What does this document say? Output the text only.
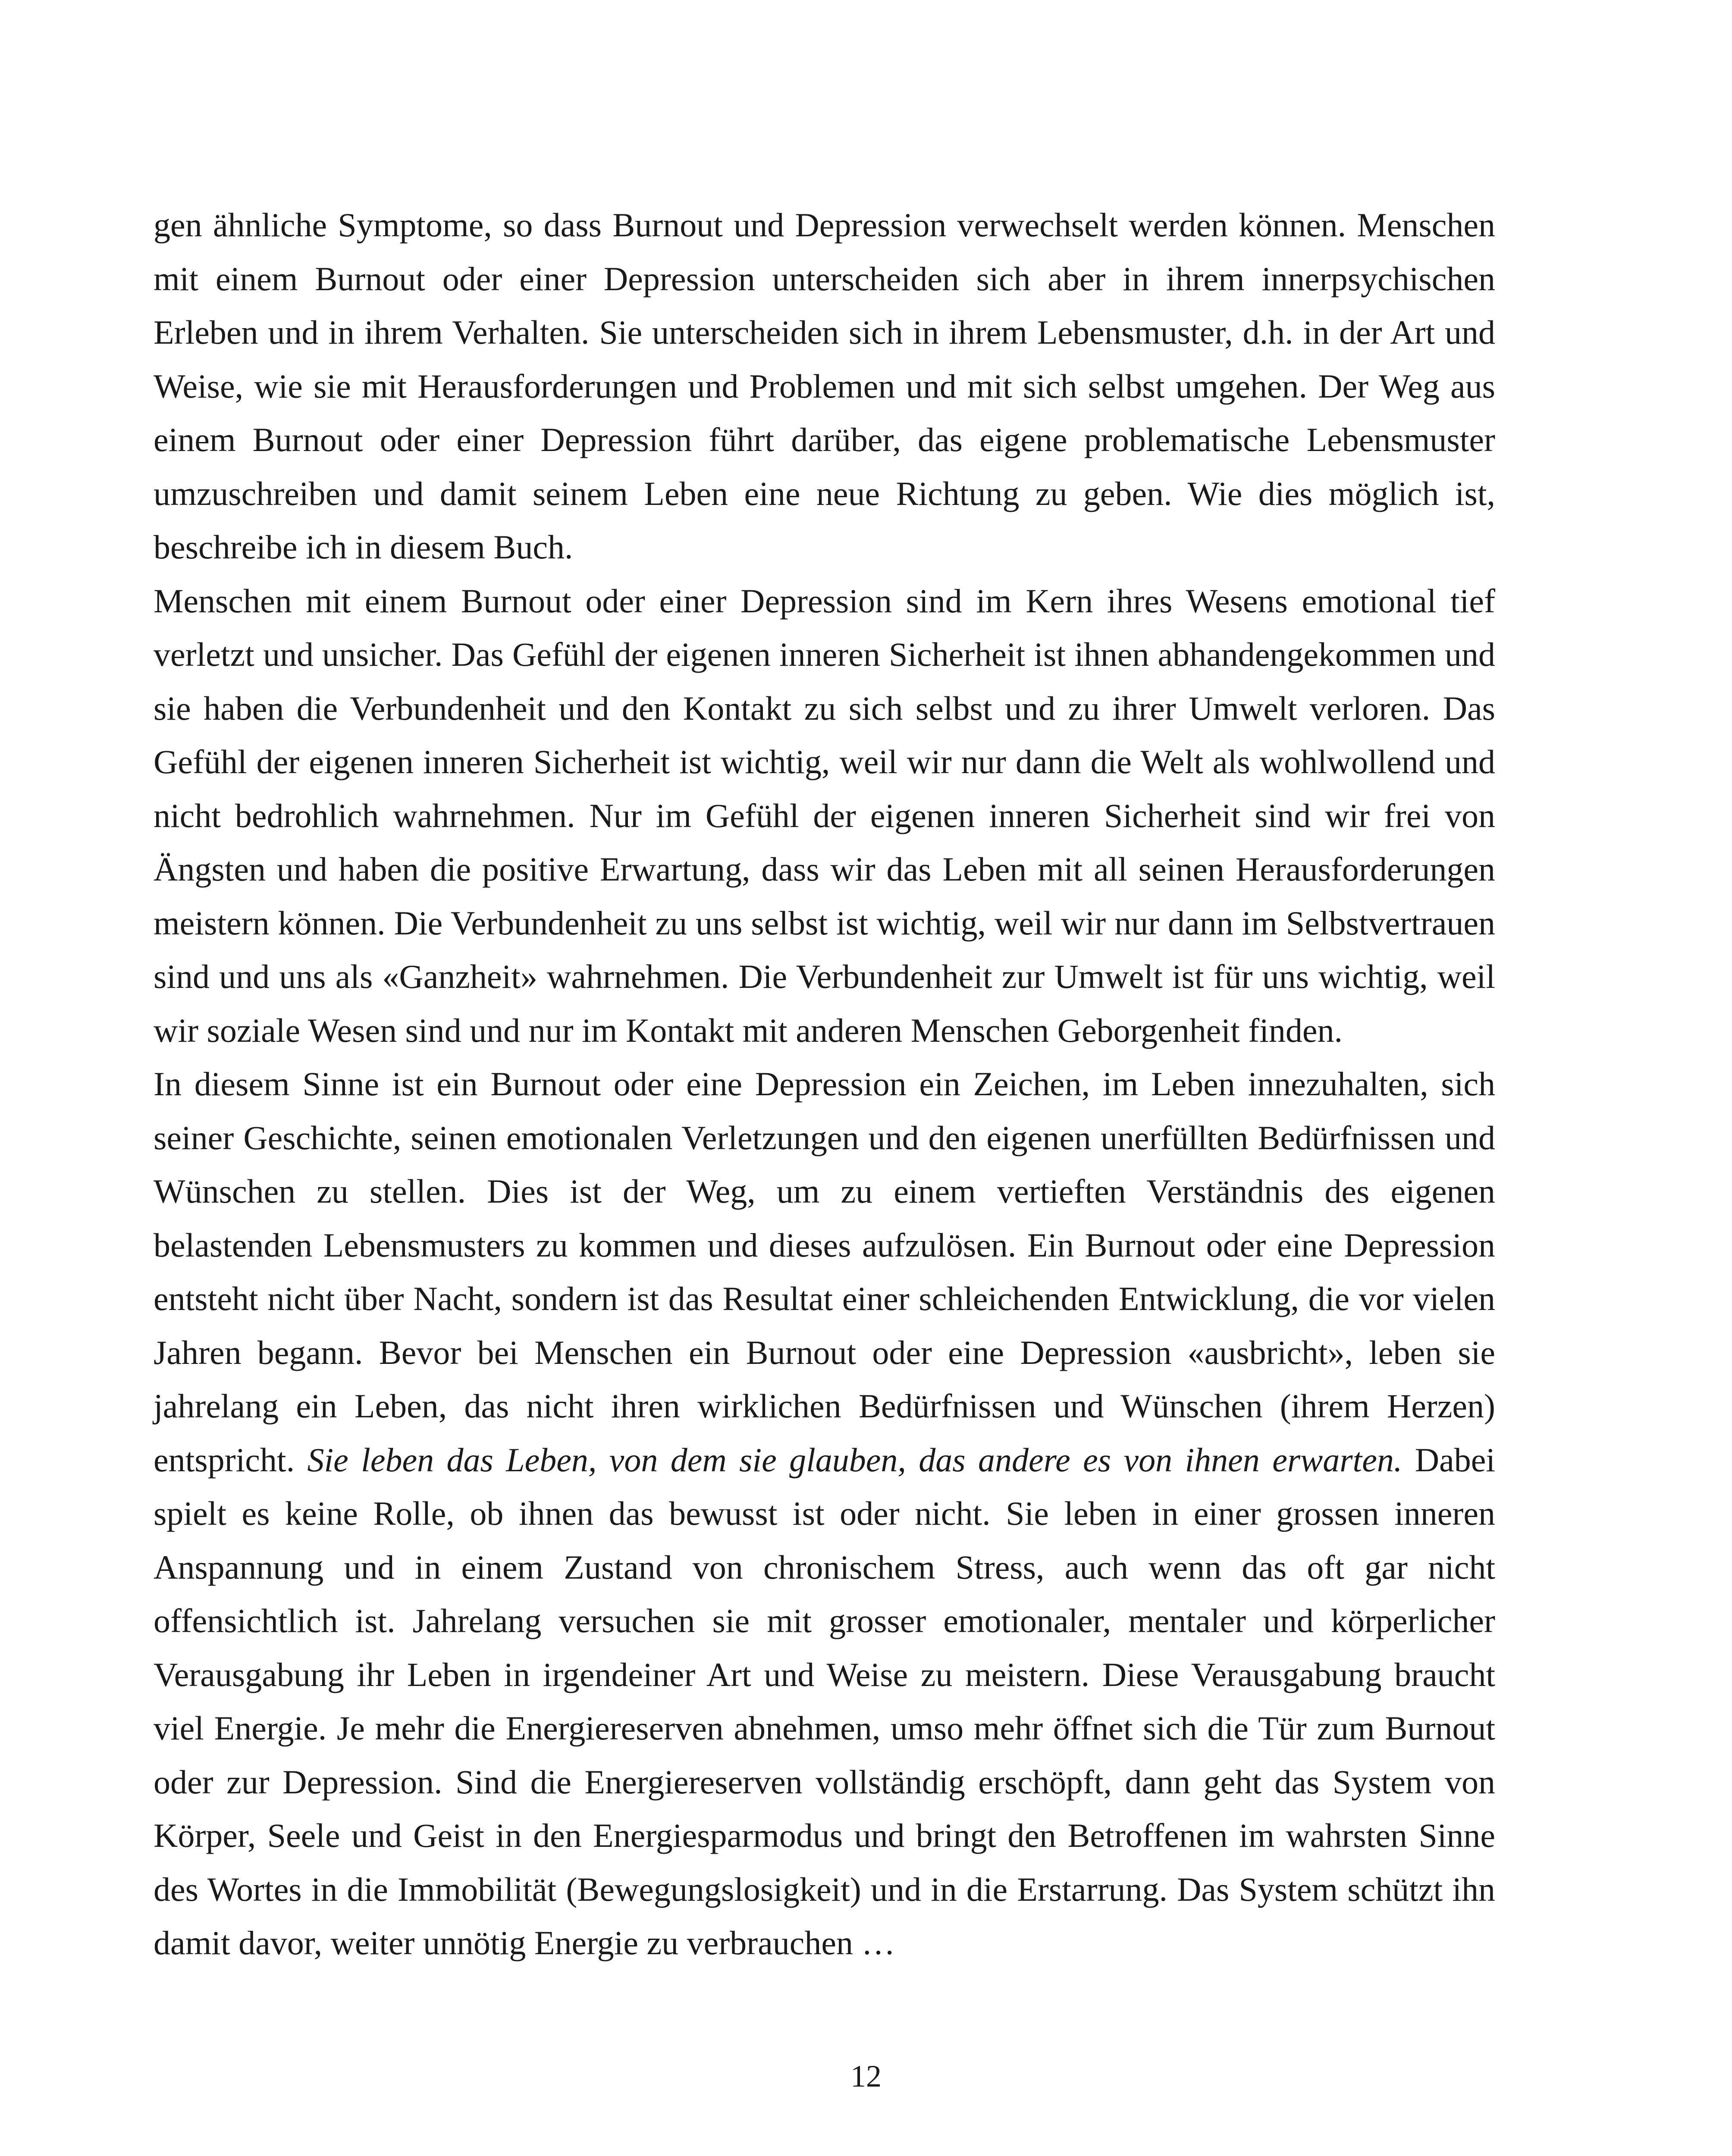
gen ähnliche Symptome, so dass Burnout und Depression verwechselt werden können. Menschen mit einem Burnout oder einer Depression unterscheiden sich aber in ihrem innerpsychischen Erleben und in ihrem Verhalten. Sie unterscheiden sich in ihrem Lebensmuster, d.h. in der Art und Weise, wie sie mit Herausforderungen und Problemen und mit sich selbst umgehen. Der Weg aus einem Burnout oder einer Depression führt darüber, das eigene problematische Lebensmuster umzuschreiben und damit seinem Leben eine neue Richtung zu geben. Wie dies möglich ist, beschreibe ich in diesem Buch.

Menschen mit einem Burnout oder einer Depression sind im Kern ihres Wesens emotional tief verletzt und unsicher. Das Gefühl der eigenen inneren Sicherheit ist ihnen abhandengekommen und sie haben die Verbundenheit und den Kontakt zu sich selbst und zu ihrer Umwelt verloren. Das Gefühl der eigenen inneren Sicherheit ist wichtig, weil wir nur dann die Welt als wohlwollend und nicht bedrohlich wahrnehmen. Nur im Gefühl der eigenen inneren Sicherheit sind wir frei von Ängsten und haben die positive Erwartung, dass wir das Leben mit all seinen Herausforderungen meistern können. Die Verbundenheit zu uns selbst ist wichtig, weil wir nur dann im Selbstvertrauen sind und uns als «Ganzheit» wahrnehmen. Die Verbundenheit zur Umwelt ist für uns wichtig, weil wir soziale Wesen sind und nur im Kontakt mit anderen Menschen Geborgenheit finden.

In diesem Sinne ist ein Burnout oder eine Depression ein Zeichen, im Leben innezuhalten, sich seiner Geschichte, seinen emotionalen Verletzungen und den eigenen unerfüllten Bedürfnissen und Wünschen zu stellen. Dies ist der Weg, um zu einem vertieften Verständnis des eigenen belastenden Lebensmusters zu kommen und dieses aufzulösen. Ein Burnout oder eine Depression entsteht nicht über Nacht, sondern ist das Resultat einer schleichenden Entwicklung, die vor vielen Jahren begann. Bevor bei Menschen ein Burnout oder eine Depression «ausbricht», leben sie jahrelang ein Leben, das nicht ihren wirklichen Bedürfnissen und Wünschen (ihrem Herzen) entspricht. Sie leben das Leben, von dem sie glauben, das andere es von ihnen erwarten. Dabei spielt es keine Rolle, ob ihnen das bewusst ist oder nicht. Sie leben in einer grossen inneren Anspannung und in einem Zustand von chronischem Stress, auch wenn das oft gar nicht offensichtlich ist. Jahrelang versuchen sie mit grosser emotionaler, mentaler und körperlicher Verausgabung ihr Leben in irgendeiner Art und Weise zu meistern. Diese Verausgabung braucht viel Energie. Je mehr die Energiereserven abnehmen, umso mehr öffnet sich die Tür zum Burnout oder zur Depression. Sind die Energiereserven vollständig erschöpft, dann geht das System von Körper, Seele und Geist in den Energiesparmodus und bringt den Betroffenen im wahrsten Sinne des Wortes in die Immobilität (Bewegungslosigkeit) und in die Erstarrung. Das System schützt ihn damit davor, weiter unnötig Energie zu verbrauchen …

12
